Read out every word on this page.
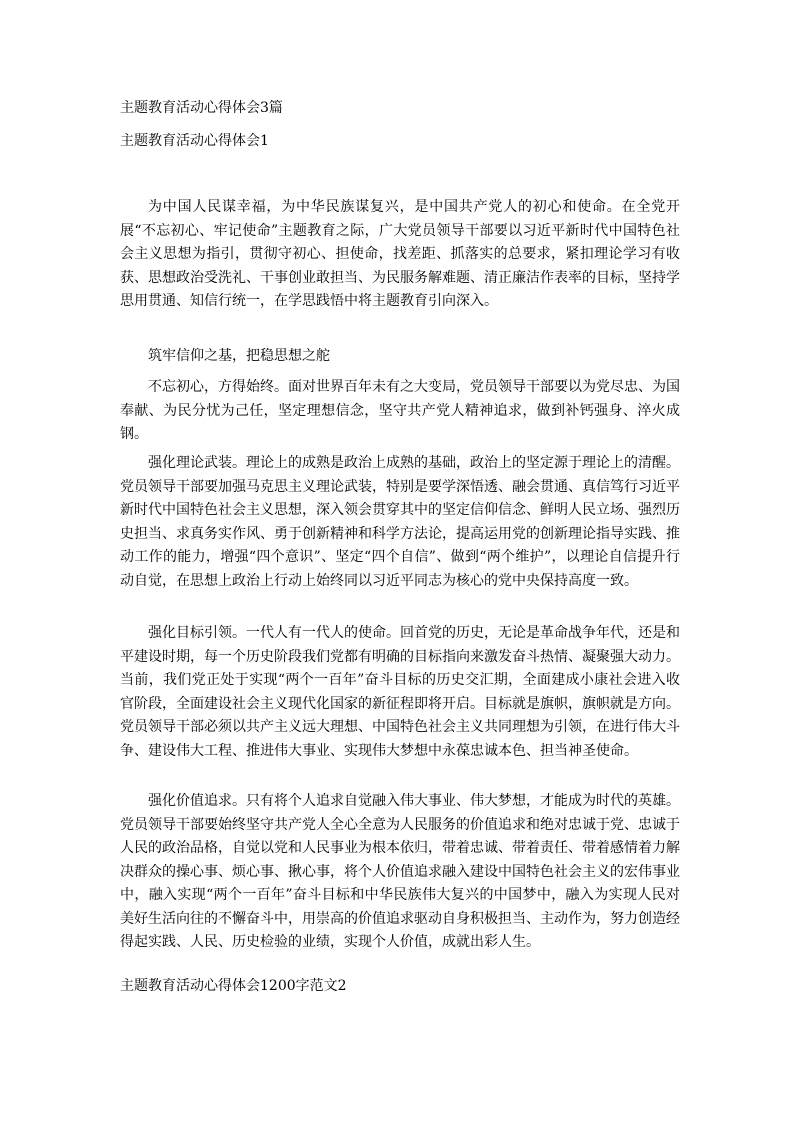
主题教育活动心得体会3篇
主题教育活动心得体会1

为中国人民谋幸福，为中华民族谋复兴，是中国共产党人的初心和使命。在全党开展“不忘初心、牢记使命”主题教育之际，广大党员领导干部要以习近平新时代中国特色社会主义思想为指引，贯彻守初心、担使命，找差距、抓落实的总要求，紧扣理论学习有收获、思想政治受洗礼、干事创业敢担当、为民服务解难题、清正廉洁作表率的目标，坚持学思用贯通、知信行统一，在学思践悟中将主题教育引向深入。

筑牢信仰之基，把稳思想之舵

不忘初心，方得始终。面对世界百年未有之大变局，党员领导干部要以为党尽忠、为国奉献、为民分忧为己任，坚定理想信念，坚守共产党人精神追求，做到补钙强身、淬火成钢。

强化理论武装。理论上的成熟是政治上成熟的基础，政治上的坚定源于理论上的清醒。党员领导干部要加强马克思主义理论武装，特别是要学深悟透、融会贯通、真信笃行习近平新时代中国特色社会主义思想，深入领会贯穿其中的坚定信仰信念、鲜明人民立场、强烈历史担当、求真务实作风、勇于创新精神和科学方法论，提高运用党的创新理论指导实践、推动工作的能力，增强“四个意识”、坚定“四个自信”、做到“两个维护”，以理论自信提升行动自觉，在思想上政治上行动上始终同以习近平同志为核心的党中央保持高度一致。

强化目标引领。一代人有一代人的使命。回首党的历史，无论是革命战争年代，还是和平建设时期，每一个历史阶段我们党都有明确的目标指向来激发奋斗热情、凝聚强大动力。当前，我们党正处于实现“两个一百年”奋斗目标的历史交汇期，全面建成小康社会进入收官阶段，全面建设社会主义现代化国家的新征程即将开启。目标就是旗帜，旗帜就是方向。党员领导干部必须以共产主义远大理想、中国特色社会主义共同理想为引领，在进行伟大斗争、建设伟大工程、推进伟大事业、实现伟大梦想中永葆忠诚本色、担当神圣使命。

强化价值追求。只有将个人追求自觉融入伟大事业、伟大梦想，才能成为时代的英雄。党员领导干部要始终坚守共产党人全心全意为人民服务的价值追求和绝对忠诚于党、忠诚于人民的政治品格，自觉以党和人民事业为根本依归，带着忠诚、带着责任、带着感情着力解决群众的操心事、烦心事、揪心事，将个人价值追求融入建设中国特色社会主义的宏伟事业中，融入实现“两个一百年”奋斗目标和中华民族伟大复兴的中国梦中，融入为实现人民对美好生活向往的不懈奋斗中，用崇高的价值追求驱动自身积极担当、主动作为，努力创造经得起实践、人民、历史检验的业绩，实现个人价值，成就出彩人生。

主题教育活动心得体会1200字范文2
